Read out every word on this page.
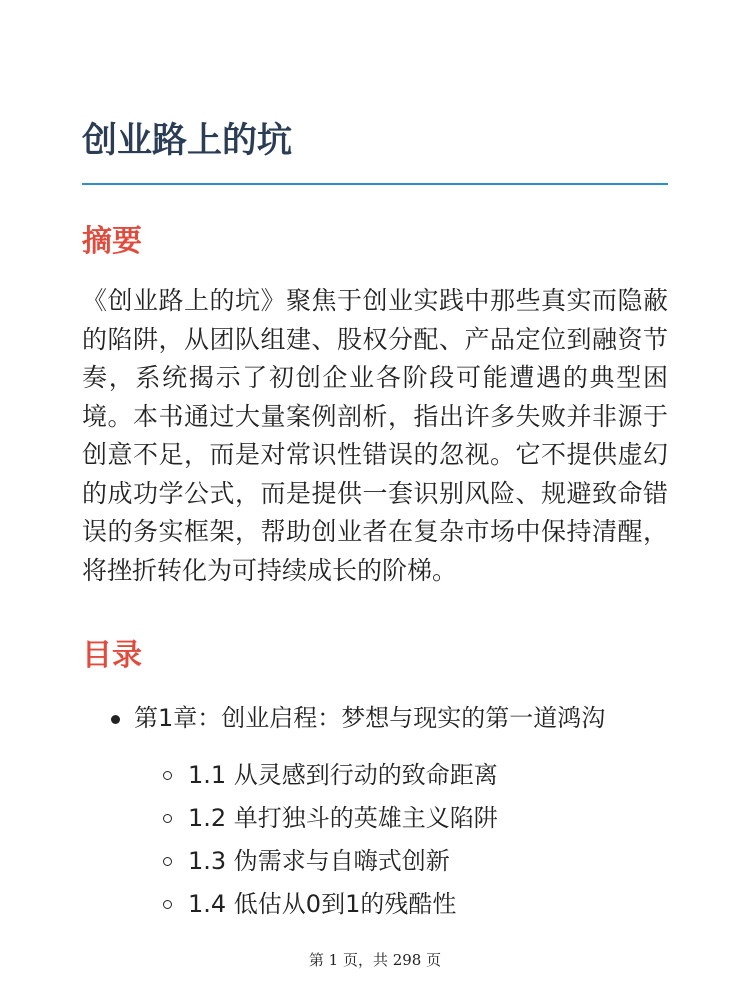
创业路上的坑
摘要

《创业路上的坑》聚焦于创业实践中那些真实而隐蔽的陷阱，从团队组建、股权分配、产品定位到融资节奏，系统揭示了初创企业各阶段可能遭遇的典型困境。本书通过大量案例剖析，指出许多失败并非源于创意不足，而是对常识性错误的忽视。它不提供虚幻的成功学公式，而是提供一套识别风险、规避致命错误的务实框架，帮助创业者在复杂市场中保持清醒，将挫折转化为可持续成长的阶梯。

目录
第1章：创业启程：梦想与现实的第一道鸿沟
1.1 从灵感到行动的致命距离
1.2 单打独斗的英雄主义陷阱
1.3 伪需求与自嗨式创新
1.4 低估从0到1的残酷性
第 1 页，共 298 页
